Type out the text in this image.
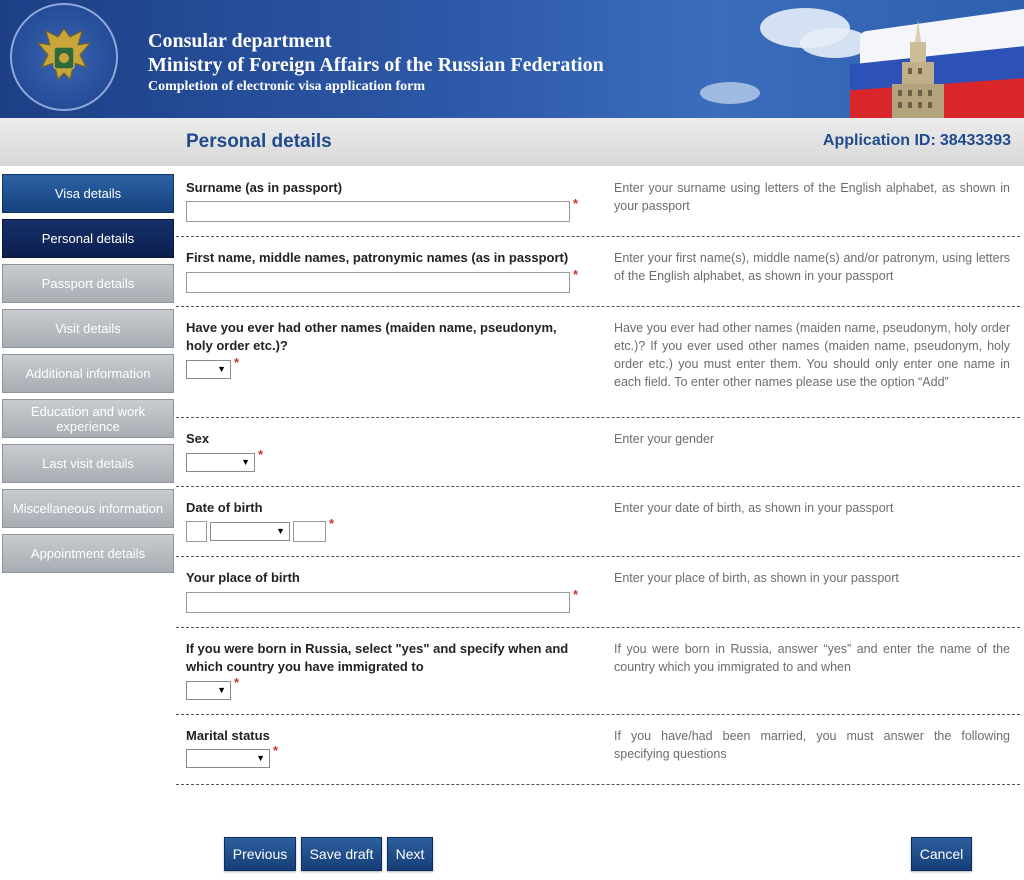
Consular department
Ministry of Foreign Affairs of the Russian Federation
Completion of electronic visa application form
Personal details	Application ID: 38433393
Visa details
Personal details
Passport details
Visit details
Additional information
Education and work experience
Last visit details
Miscellaneous information
Appointment details
Surname (as in passport)
*
Enter your surname using letters of the English alphabet, as shown in your passport
First name, middle names, patronymic names (as in passport)
*
Enter your first name(s), middle name(s) and/or patronym, using letters of the English alphabet, as shown in your passport
Have you ever had other names (maiden name, pseudonym, holy order etc.)?
▼ *
Have you ever had other names (maiden name, pseudonym, holy order etc.)? If you ever used other names (maiden name, pseudonym, holy order etc.) you must enter them. You should only enter one name in each field. To enter other names please use the option “Add”
Sex
▼ *
Enter your gender
Date of birth
▼	*
Enter your date of birth, as shown in your passport
Your place of birth
*
Enter your place of birth, as shown in your passport
If you were born in Russia, select "yes" and specify when and which country you have immigrated to
▼ *
If you were born in Russia, answer “yes” and enter the name of the country which you immigrated to and when
Marital status
▼ *
If you have/had been married, you must answer the following specifying questions
Previous	Save draft	Next	Cancel
